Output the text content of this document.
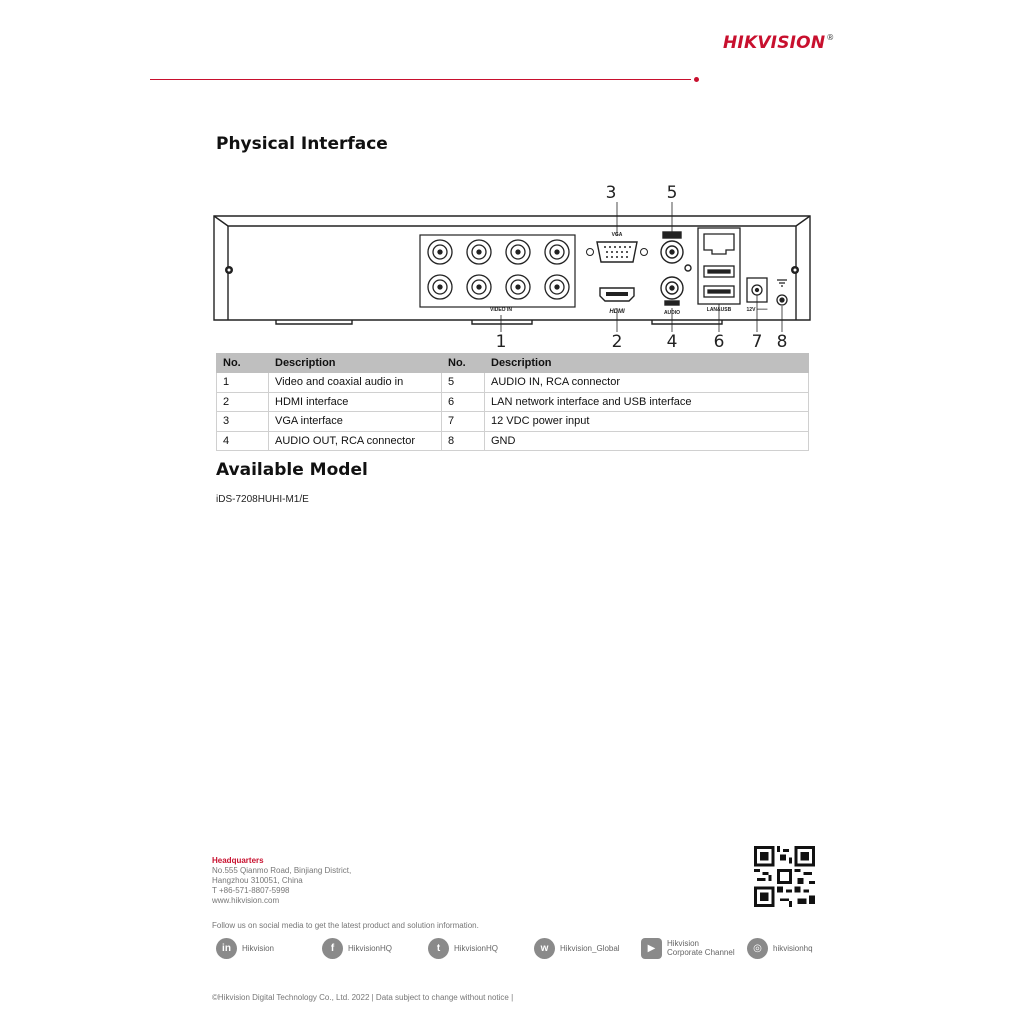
HIKVISION®
Physical Interface
3	5
1	2	4 6 7 8
VIDEO IN
VGA
HDMI	AUDIO	LAN&USB	12V ═══
No.	Description	No.	Description
1	Video and coaxial audio in	5	AUDIO IN, RCA connector
2	HDMI interface	6	LAN network interface and USB interface
3	VGA interface	7	12 VDC power input
4	AUDIO OUT, RCA connector	8	GND
Available Model
iDS-7208HUHI-M1/E
Headquarters
No.555 Qianmo Road, Binjiang District,
Hangzhou 310051, China
T +86-571-8807-5998
www.hikvision.com
Follow us on social media to get the latest product and solution information.
in	Hikvision	f	HikvisionHQ	t	HikvisionHQ	w	Hikvision_Global	▶	Hikvision
Corporate Channel	◎	hikvisionhq
©Hikvision Digital Technology Co., Ltd. 2022 | Data subject to change without notice |
